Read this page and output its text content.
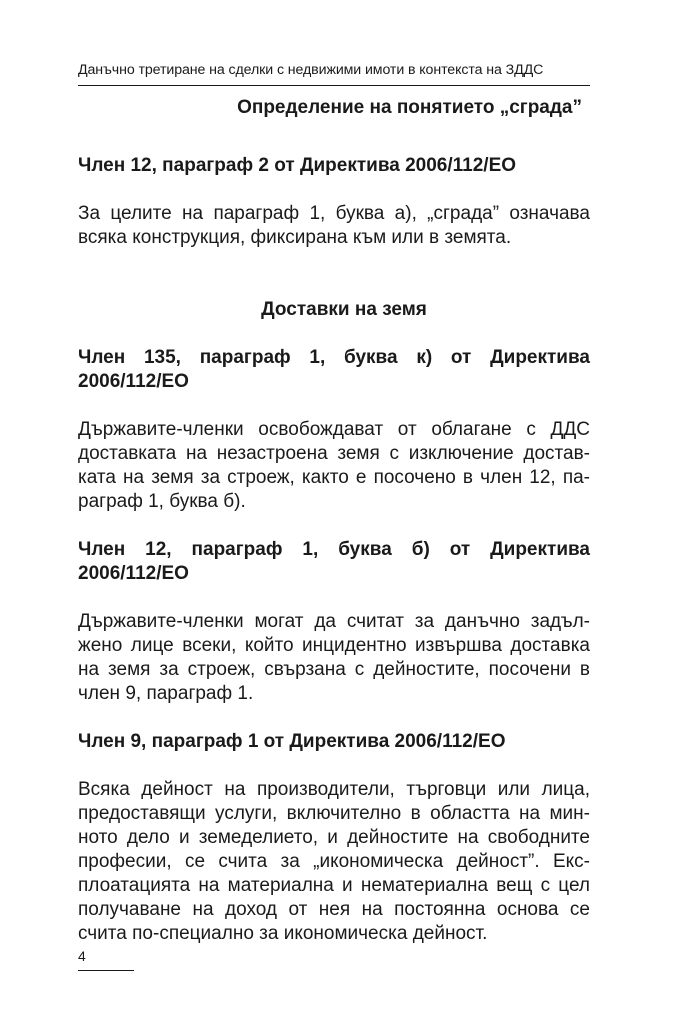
Данъчно третиране на сделки с недвижими имоти в контекста на ЗДДС
Определение на понятието „сграда”
Член 12, параграф 2 от Директива 2006/112/ЕО
За целите на параграф 1, буква а), „сграда” означава
всяка конструкция, фиксирана към или в земята.
Доставки на земя
Член 135, параграф 1, буква к) от Директива
2006/112/ЕО
Държавите-членки освобождават от облагане с ДДС
доставката на незастроена земя с изключение достав-
ката на земя за строеж, както е посочено в член 12, па-
раграф 1, буква б).
Член 12, параграф 1, буква б) от Директива
2006/112/ЕО
Държавите-членки могат да считат за данъчно задъл-
жено лице всеки, който инцидентно извършва доставка
на земя за строеж, свързана с дейностите, посочени в
член 9, параграф 1.
Член 9, параграф 1 от Директива 2006/112/ЕО
Всяка дейност на производители, търговци или лица,
предоставящи услуги, включително в областта на мин-
ното дело и земеделието, и дейностите на свободните
професии, се счита за „икономическа дейност”. Екс-
плоатацията на материална и нематериална вещ с цел
получаване на доход от нея на постоянна основа се
счита по-специално за икономическа дейност.
4
